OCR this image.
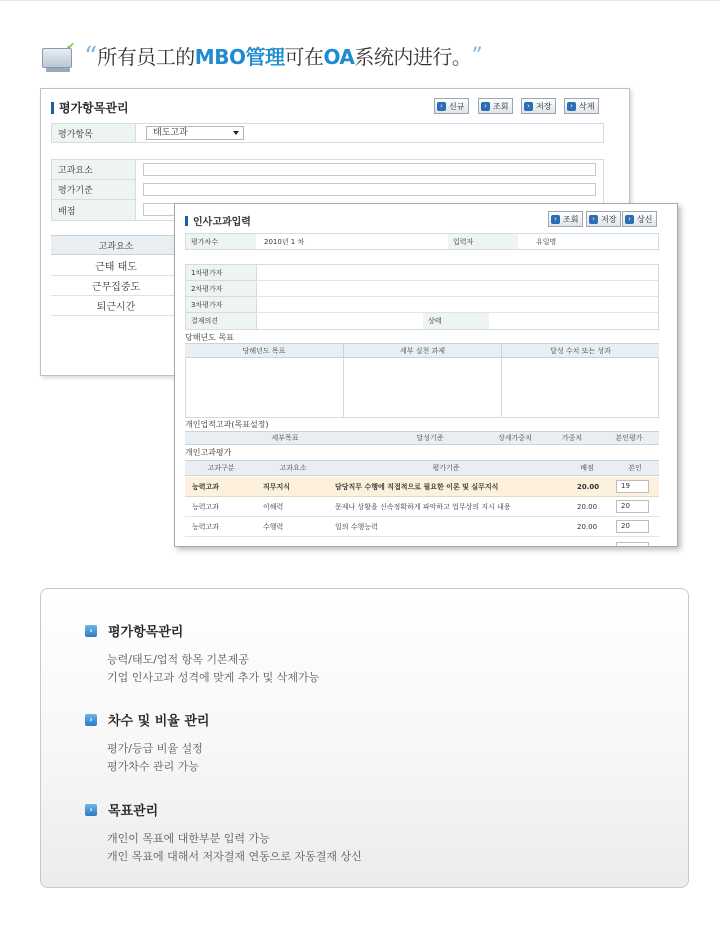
✔ “ 所有员工的 MBO管理 可在 OA 系统内进行。 ”
평가항목관리	› 신규	› 조회	› 저장	› 삭제
평가항목	태도고과
고과요소
평가기준
배점
고과요소
근태 태도
근무집중도
퇴근시간
인사고과입력	› 조회	› 저장	› 상신
평가차수	2010년 1 차	입력자	유일명
1차평가자
2차평가자
3차평가자
결재의견	상태
당해년도 목표
당해년도 목표	세부 실천 과제	달성 수치 또는 성과
개인업적고과(목표설정)
세부목표	달성기준	상세가중치	가중치	본인평가
개인고과평가
고과구분	고과요소	평가기준	배점	본인
능력고과	직무지식	담당직무 수행에 직접적으로 필요한 이론 및 실무지식	20.00	19
능력고과	이해력	문제나 상황을 신속정확하게 파악하고 업무상의 지시 내용	20.00	20
능력고과	수행력	일의 수행능력	20.00	20
›	평가항목관리
능력/태도/업적 항목 기본제공
기업 인사고과 성격에 맞게 추가 및 삭제가능
›	차수 및 비율 관리
평가/등급 비율 설정
평가차수 관리 가능
›	목표관리
개인이 목표에 대한부분 입력 가능
개인 목표에 대해서 저자결재 연동으로 자동결재 상신
